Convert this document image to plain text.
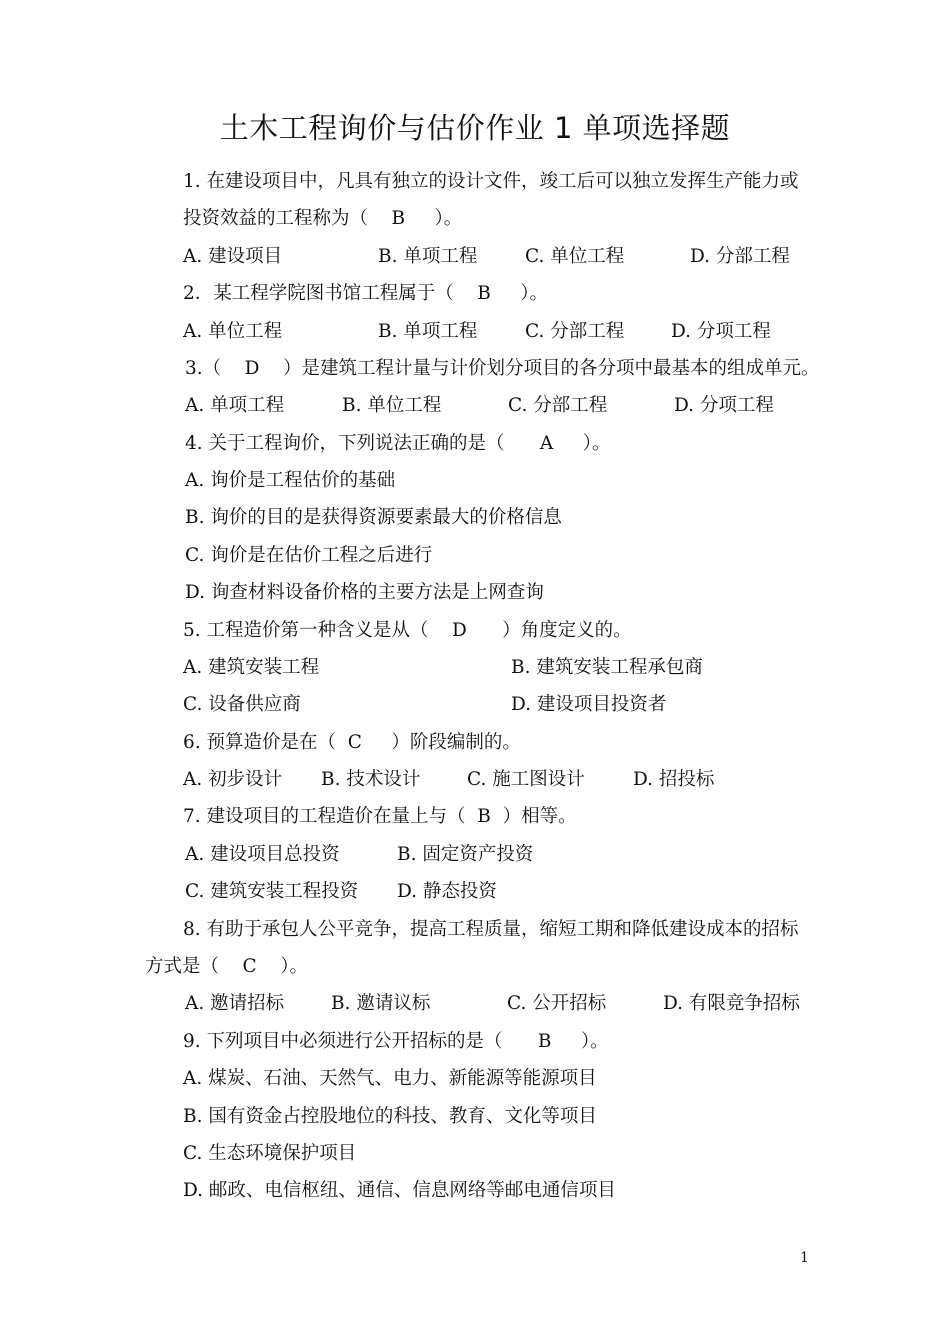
土木工程询价与估价作业 1 单项选择题
1. 在建设项目中，凡具有独立的设计文件，竣工后可以独立发挥生产能力或
投资效益的工程称为（    B     ）。
A. 建设项目	B. 单项工程	C. 单位工程	D. 分部工程
2．某工程学院图书馆工程属于（    B     ）。
A. 单位工程	B. 单项工程	C. 分部工程	D. 分项工程
3.（    D    ）是建筑工程计量与计价划分项目的各分项中最基本的组成单元。
A. 单项工程	B. 单位工程	C. 分部工程	D. 分项工程
4. 关于工程询价，下列说法正确的是（      A     ）。
A. 询价是工程估价的基础
B. 询价的目的是获得资源要素最大的价格信息
C. 询价是在估价工程之后进行
D. 询查材料设备价格的主要方法是上网查询
5. 工程造价第一种含义是从（    D      ）角度定义的。
A. 建筑安装工程	B. 建筑安装工程承包商
C. 设备供应商	D. 建设项目投资者
6. 预算造价是在（  C     ）阶段编制的。
A. 初步设计 B. 技术设计	C. 施工图设计	D. 招投标
7. 建设项目的工程造价在量上与（  B  ）相等。
A. 建设项目总投资	B. 固定资产投资
C. 建筑安装工程投资 D. 静态投资
8. 有助于承包人公平竞争，提高工程质量，缩短工期和降低建设成本的招标
方式是（    C    ）。
A. 邀请招标	B. 邀请议标	C. 公开招标	D. 有限竞争招标
9. 下列项目中必须进行公开招标的是（      B     ）。
A. 煤炭、石油、天然气、电力、新能源等能源项目
B. 国有资金占控股地位的科技、教育、文化等项目
C. 生态环境保护项目
D. 邮政、电信枢纽、通信、信息网络等邮电通信项目
1
